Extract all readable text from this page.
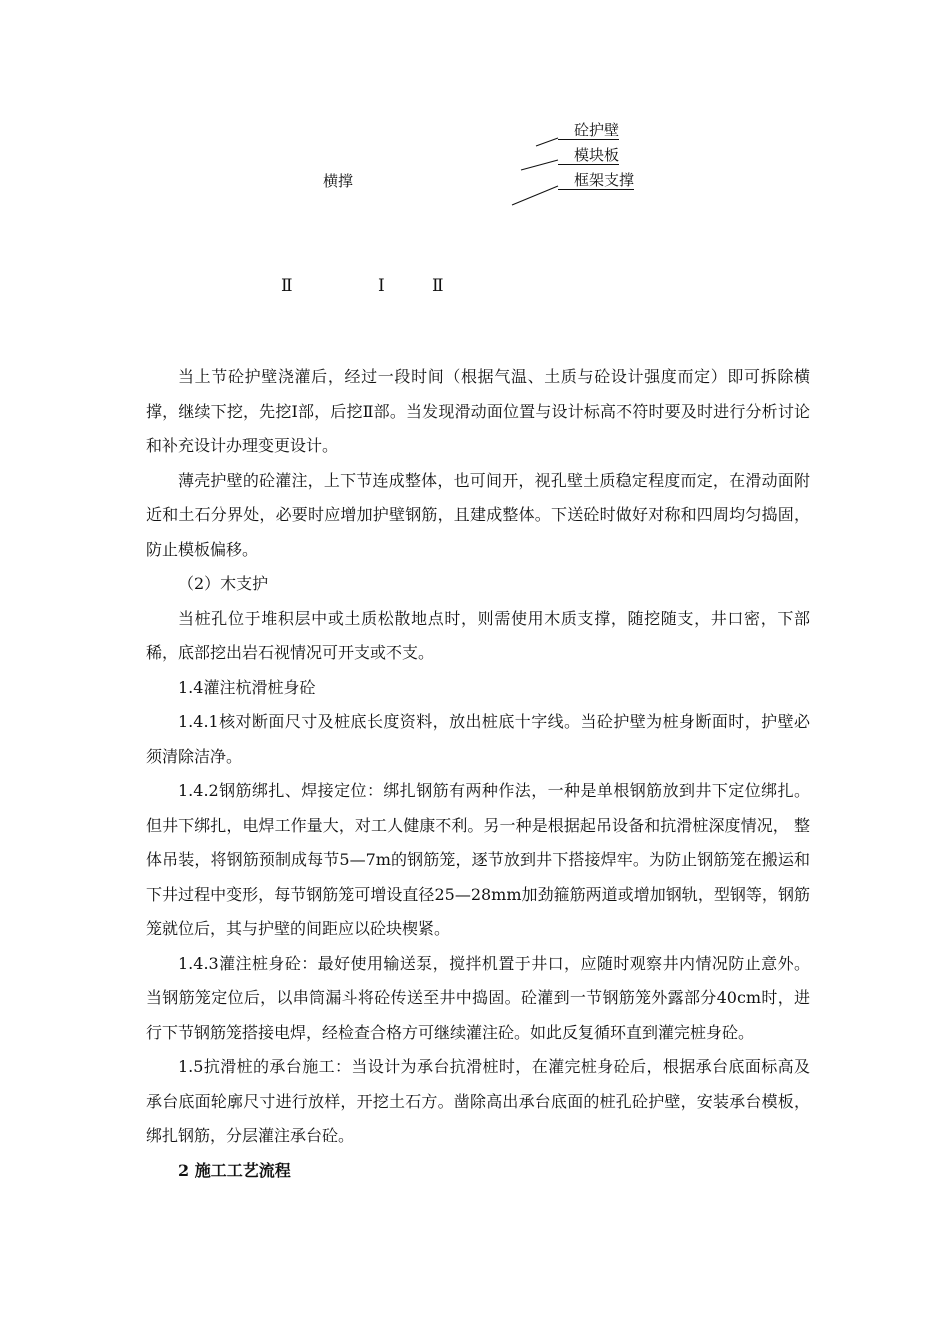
砼护壁
模块板
框架支撑
横撑
Ⅱ	Ⅰ	Ⅱ

当上节砼护壁浇灌后，经过一段时间（根据气温、土质与砼设计强度而定）即可拆除横撑，继续下挖，先挖Ⅰ部，后挖Ⅱ部。当发现滑动面位置与设计标高不符时要及时进行分析讨论和补充设计办理变更设计。

薄壳护壁的砼灌注，上下节连成整体，也可间开，视孔壁土质稳定程度而定，在滑动面附近和土石分界处，必要时应增加护壁钢筋，且建成整体。下送砼时做好对称和四周均匀捣固，防止模板偏移。

（2）木支护

当桩孔位于堆积层中或土质松散地点时，则需使用木质支撑，随挖随支，井口密，下部稀，底部挖出岩石视情况可开支或不支。

1.4灌注杭滑桩身砼

1.4.1核对断面尺寸及桩底长度资料，放出桩底十字线。当砼护壁为桩身断面时，护壁必须清除洁净。

1.4.2钢筋绑扎、焊接定位：绑扎钢筋有两种作法，一种是单根钢筋放到井下定位绑扎。但井下绑扎，电焊工作量大，对工人健康不利。另一种是根据起吊设备和抗滑桩深度情况， 整体吊装，将钢筋预制成每节5—7m的钢筋笼，逐节放到井下搭接焊牢。为防止钢筋笼在搬运和下井过程中变形，每节钢筋笼可增设直径25—28mm加劲箍筋两道或增加钢轨，型钢等，钢筋笼就位后，其与护壁的间距应以砼块楔紧。

1.4.3灌注桩身砼：最好使用输送泵，搅拌机置于井口，应随时观察井内情况防止意外。当钢筋笼定位后，以串筒漏斗将砼传送至井中捣固。砼灌到一节钢筋笼外露部分40cm时，进行下节钢筋笼搭接电焊，经检查合格方可继续灌注砼。如此反复循环直到灌完桩身砼。

1.5抗滑桩的承台施工：当设计为承台抗滑桩时，在灌完桩身砼后，根据承台底面标高及承台底面轮廓尺寸进行放样，开挖土石方。凿除高出承台底面的桩孔砼护壁，安装承台模板，绑扎钢筋，分层灌注承台砼。

2 施工工艺流程
